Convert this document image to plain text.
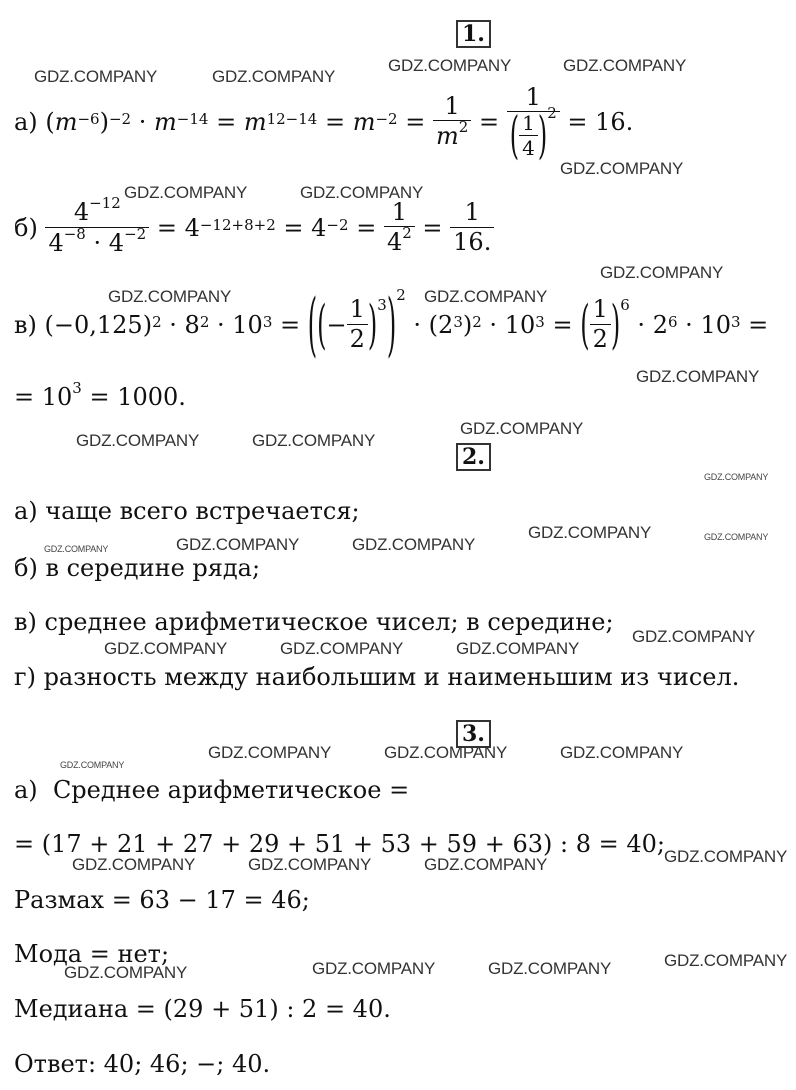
1.
а)
( $m^{-6}$ )$^{-2}$
·
$m^{-14}$
=
$m^{12-14}$
=
$m^{-2}$
=
$\frac{1}{m^2}$
=
$\frac{1}{( \frac{1}{4} )^2}$
=
16.
б)
$\frac{4^{-12}}{4^{-8} \cdot 4^{-2}}$
=
$4^{-12+8+2}$
=
$4^{-2}$
=
$\frac{1}{4^2}$
=
$\frac{1}{16.}$
в)
$(-0,125)^2$
·
$8^2$
·
$10^3$
=
( ( − $\frac{1}{2} )^3$ )$^2$

·
($2^3$ )$^2$
·
$10^3$
=
( $\frac{1}{2} )^6$

·
$2^6$
·
$10^3$
=
= $10^3 = 1000$.
2.
а) чаще всего встречается;
б) в середине ряда;
в) среднее арифметическое чисел; в середине;
г) разность между наибольшим и наименьшим из чисел.
3.
а) Среднее арифметическое =
= (17 + 21 + 27 + 29 + 51 + 53 + 59 + 63) : 8 = 40;
Размах = 63 − 17 = 46;
Мода = нет;
Медиана = (29 + 51) : 2 = 40.
Ответ: 40; 46; −; 40.
GDZ.COMPANY	GDZ.COMPANY
GDZ.COMPANY	GDZ.COMPANY
GDZ.COMPANY
GDZ.COMPANY	GDZ.COMPANY
GDZ.COMPANY
GDZ.COMPANY	GDZ.COMPANY
GDZ.COMPANY
GDZ.COMPANY	GDZ.COMPANY
GDZ.COMPANY
GDZ.COMPANY
GDZ.COMPANY	GDZ.COMPANY
GDZ.COMPANY	GDZ.COMPANY	GDZ.COMPANY
GDZ.COMPANY
GDZ.COMPANY	GDZ.COMPANY	GDZ.COMPANY
GDZ.COMPANY
GDZ.COMPANY	GDZ.COMPANY	GDZ.COMPANY
GDZ.COMPANY
GDZ.COMPANY	GDZ.COMPANY	GDZ.COMPANY
GDZ.COMPANY
GDZ.COMPANY	GDZ.COMPANY	GDZ.COMPANY
